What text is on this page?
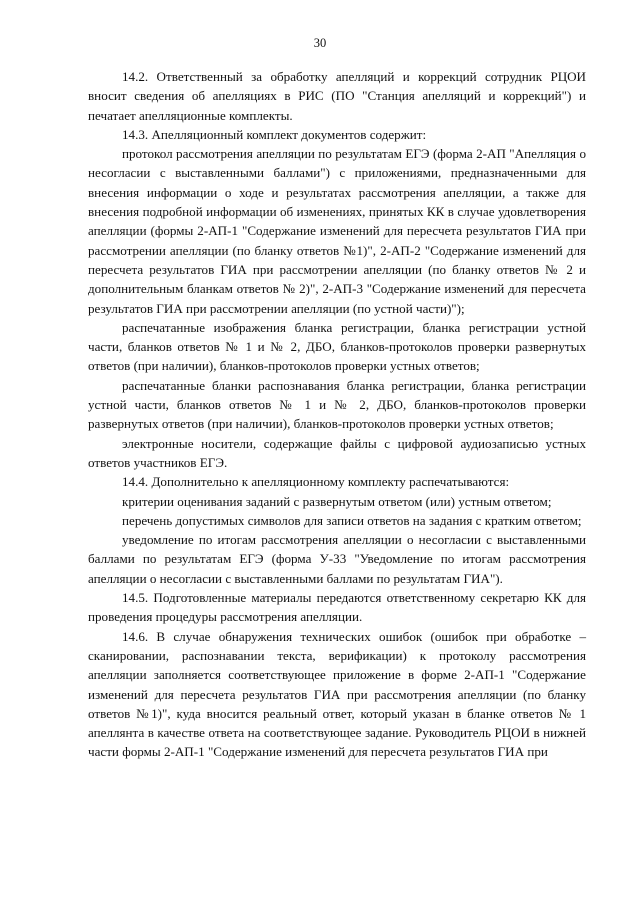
30

14.2. Ответственный за обработку апелляций и коррекций сотрудник РЦОИ вносит сведения об апелляциях в РИС (ПО "Станция апелляций и коррекций") и печатает апелляционные комплекты.

14.3. Апелляционный комплект документов содержит:

протокол рассмотрения апелляции по результатам ЕГЭ (форма 2-АП "Апелляция о несогласии с выставленными баллами") с приложениями, предназначенными для внесения информации о ходе и результатах рассмотрения апелляции, а также для внесения подробной информации об изменениях, принятых КК в случае удовлетворения апелляции (формы 2-АП-1 "Содержание изменений для пересчета результатов ГИА при рассмотрении апелляции (по бланку ответов №1)", 2-АП-2 "Содержание изменений для пересчета результатов ГИА при рассмотрении апелляции (по бланку ответов № 2 и дополнительным бланкам ответов № 2)", 2-АП-3 "Содержание изменений для пересчета результатов ГИА при рассмотрении апелляции (по устной части)");

распечатанные изображения бланка регистрации, бланка регистрации устной части, бланков ответов № 1 и № 2, ДБО, бланков-протоколов проверки развернутых ответов (при наличии), бланков-протоколов проверки устных ответов;

распечатанные бланки распознавания бланка регистрации, бланка регистрации устной части, бланков ответов № 1 и № 2, ДБО, бланков-протоколов проверки развернутых ответов (при наличии), бланков-протоколов проверки устных ответов;

электронные носители, содержащие файлы с цифровой аудиозаписью устных ответов участников ЕГЭ.

14.4. Дополнительно к апелляционному комплекту распечатываются:

критерии оценивания заданий с развернутым ответом (или) устным ответом;

перечень допустимых символов для записи ответов на задания с кратким ответом;

уведомление по итогам рассмотрения апелляции о несогласии с выставленными баллами по результатам ЕГЭ (форма У-33 "Уведомление по итогам рассмотрения апелляции о несогласии с выставленными баллами по результатам ГИА").

14.5. Подготовленные материалы передаются ответственному секретарю КК для проведения процедуры рассмотрения апелляции.

14.6. В случае обнаружения технических ошибок (ошибок при обработке – сканировании, распознавании текста, верификации) к протоколу рассмотрения апелляции заполняется соответствующее приложение в форме 2-АП-1 "Содержание изменений для пересчета результатов ГИА при рассмотрения апелляции (по бланку ответов №1)", куда вносится реальный ответ, который указан в бланке ответов № 1 апеллянта в качестве ответа на соответствующее задание. Руководитель РЦОИ в нижней части формы 2-АП-1 "Содержание изменений для пересчета результатов ГИА при
